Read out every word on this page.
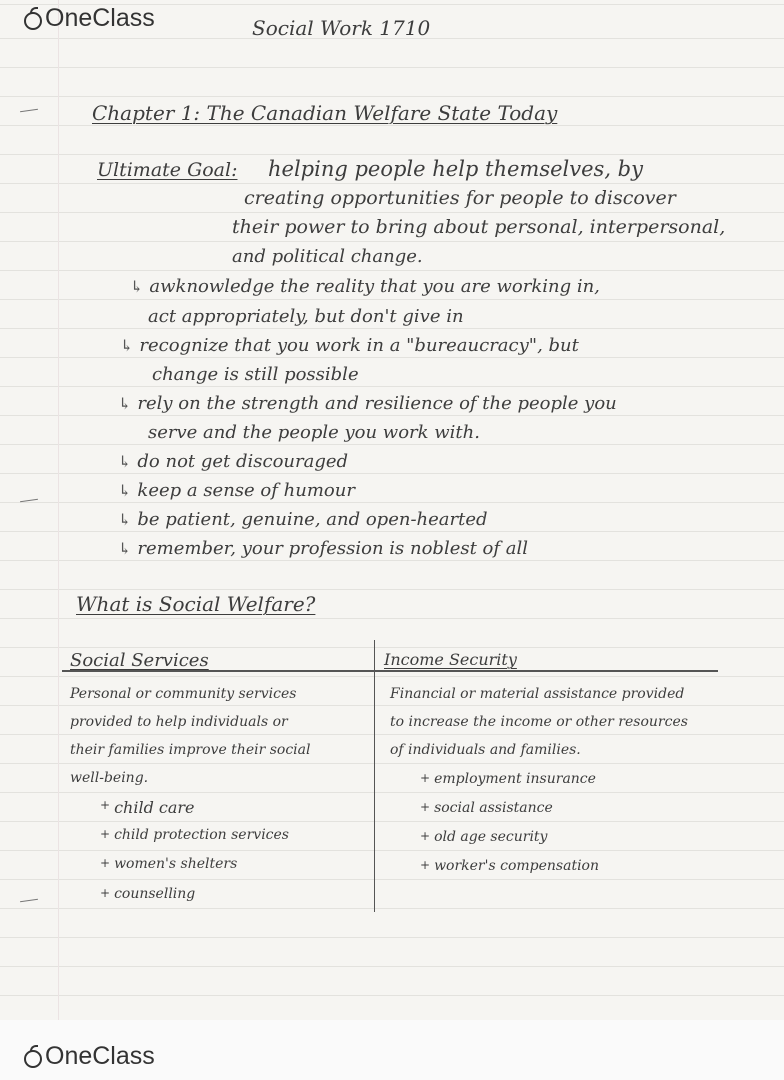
OneClass	Social Work 1710
Chapter 1: The Canadian Welfare State Today
Ultimate Goal: helping people help themselves, by
creating opportunities for people to discover
their power to bring about personal, interpersonal,
and political change.
↳ awknowledge the reality that you are working in,
act appropriately, but don't give in
↳ recognize that you work in a "bureaucracy", but
change is still possible
↳ rely on the strength and resilience of the people you
serve and the people you work with.
↳ do not get discouraged
↳ keep a sense of humour
↳ be patient, genuine, and open-hearted
↳ remember, your profession is noblest of all
What is Social Welfare?
Social Services	Income Security
Personal or community services
provided to help individuals or
their families improve their social
well-being.
+ child care
+ child protection services
+ women's shelters
+ counselling
Financial or material assistance provided
to increase the income or other resources
of individuals and families.
+ employment insurance
+ social assistance
+ old age security
+ worker's compensation
OneClass
